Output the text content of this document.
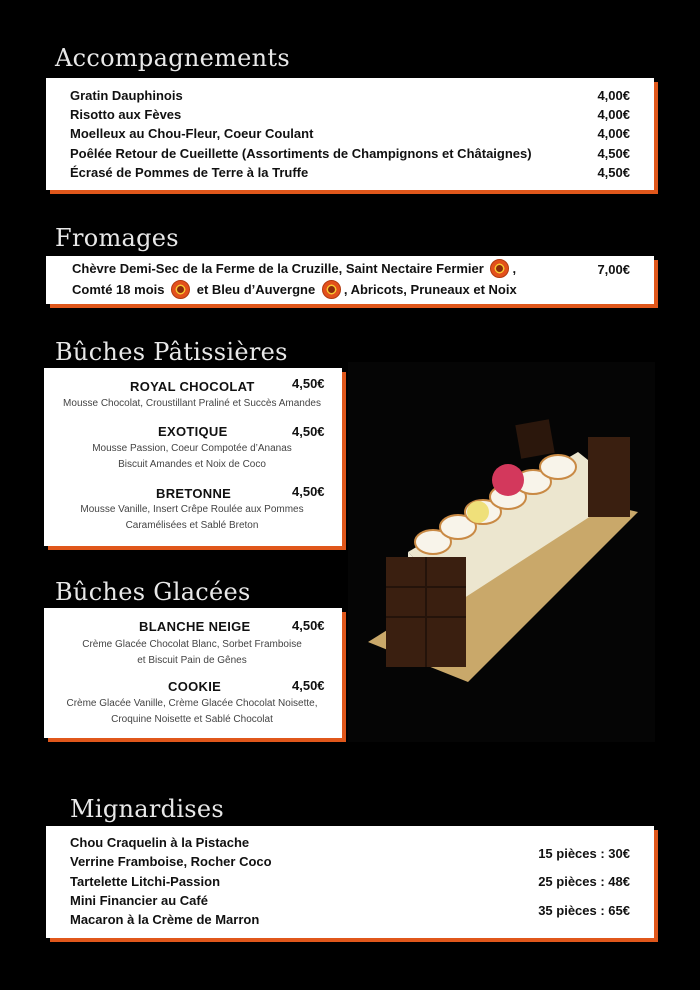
Accompagnements
Gratin Dauphinois	4,00€
Risotto aux Fèves	4,00€
Moelleux au Chou-Fleur, Coeur Coulant	4,00€
Poêlée Retour de Cueillette (Assortiments de Champignons et Châtaignes)	4,50€
Écrasé de Pommes de Terre à la Truffe	4,50€
Fromages
Chèvre Demi-Sec de la Ferme de la Cruzille, Saint Nectaire Fermier ,
Comté 18 mois et Bleu d’Auvergne , Abricots, Pruneaux et Noix
7,00€
Bûches Pâtissières
ROYAL CHOCOLAT	4,50€
Mousse Chocolat, Croustillant Praliné et Succès Amandes
EXOTIQUE	4,50€
Mousse Passion, Coeur Compotée d’Ananas
Biscuit Amandes et Noix de Coco
BRETONNE	4,50€
Mousse Vanille, Insert Crêpe Roulée aux Pommes
Caramélisées et Sablé Breton
Bûches Glacées
BLANCHE NEIGE	4,50€
Crème Glacée Chocolat Blanc, Sorbet Framboise
et Biscuit Pain de Gênes
COOKIE	4,50€
Crème Glacée Vanille, Crème Glacée Chocolat Noisette,
Croquine Noisette et Sablé Chocolat
Mignardises
Chou Craquelin à la Pistache
Verrine Framboise, Rocher Coco
Tartelette Litchi-Passion
Mini Financier au Café
Macaron à la Crème de Marron
15 pièces : 30€
25 pièces : 48€
35 pièces : 65€
